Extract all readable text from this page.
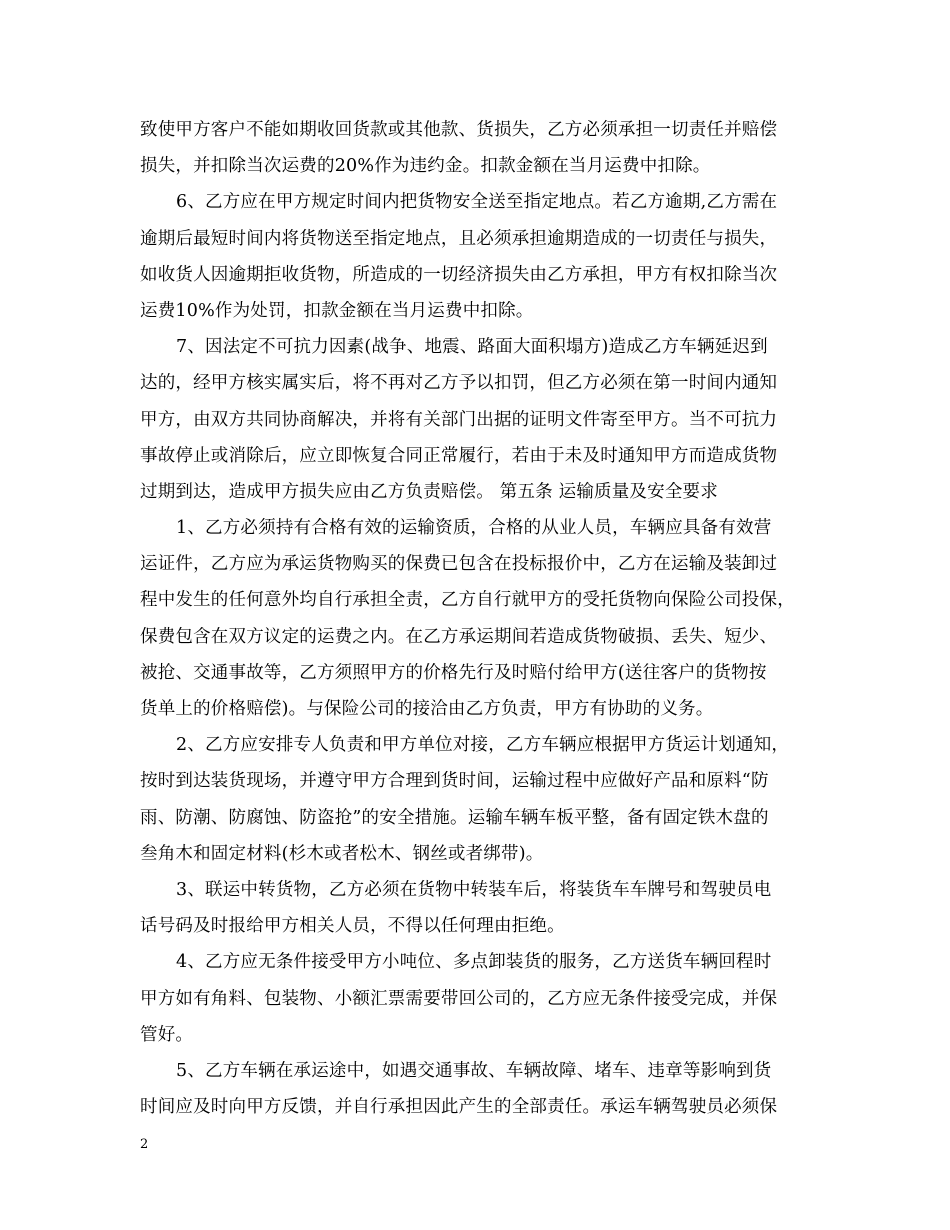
致使甲方客户不能如期收回货款或其他款、货损失，乙方必须承担一切责任并赔偿
损失，并扣除当次运费的20%作为违约金。扣款金额在当月运费中扣除。
6、乙方应在甲方规定时间内把货物安全送至指定地点。若乙方逾期,乙方需在
逾期后最短时间内将货物送至指定地点，且必须承担逾期造成的一切责任与损失，
如收货人因逾期拒收货物，所造成的一切经济损失由乙方承担，甲方有权扣除当次
运费10%作为处罚，扣款金额在当月运费中扣除。
7、因法定不可抗力因素(战争、地震、路面大面积塌方)造成乙方车辆延迟到
达的，经甲方核实属实后，将不再对乙方予以扣罚，但乙方必须在第一时间内通知
甲方，由双方共同协商解决，并将有关部门出据的证明文件寄至甲方。当不可抗力
事故停止或消除后，应立即恢复合同正常履行，若由于未及时通知甲方而造成货物
过期到达，造成甲方损失应由乙方负责赔偿。 第五条 运输质量及安全要求
1、乙方必须持有合格有效的运输资质，合格的从业人员，车辆应具备有效营
运证件，乙方应为承运货物购买的保费已包含在投标报价中，乙方在运输及装卸过
程中发生的任何意外均自行承担全责，乙方自行就甲方的受托货物向保险公司投保，
保费包含在双方议定的运费之内。在乙方承运期间若造成货物破损、丢失、短少、
被抢、交通事故等，乙方须照甲方的价格先行及时赔付给甲方(送往客户的货物按
货单上的价格赔偿)。与保险公司的接洽由乙方负责，甲方有协助的义务。
2、乙方应安排专人负责和甲方单位对接，乙方车辆应根据甲方货运计划通知，
按时到达装货现场，并遵守甲方合理到货时间，运输过程中应做好产品和原料“防
雨、防潮、防腐蚀、防盗抢”的安全措施。运输车辆车板平整，备有固定铁木盘的
叁角木和固定材料(杉木或者松木、钢丝或者绑带)。
3、联运中转货物，乙方必须在货物中转装车后，将装货车车牌号和驾驶员电
话号码及时报给甲方相关人员，不得以任何理由拒绝。
4、乙方应无条件接受甲方小吨位、多点卸装货的服务，乙方送货车辆回程时
甲方如有角料、包装物、小额汇票需要带回公司的，乙方应无条件接受完成，并保
管好。
5、乙方车辆在承运途中，如遇交通事故、车辆故障、堵车、违章等影响到货
时间应及时向甲方反馈，并自行承担因此产生的全部责任。承运车辆驾驶员必须保
2
